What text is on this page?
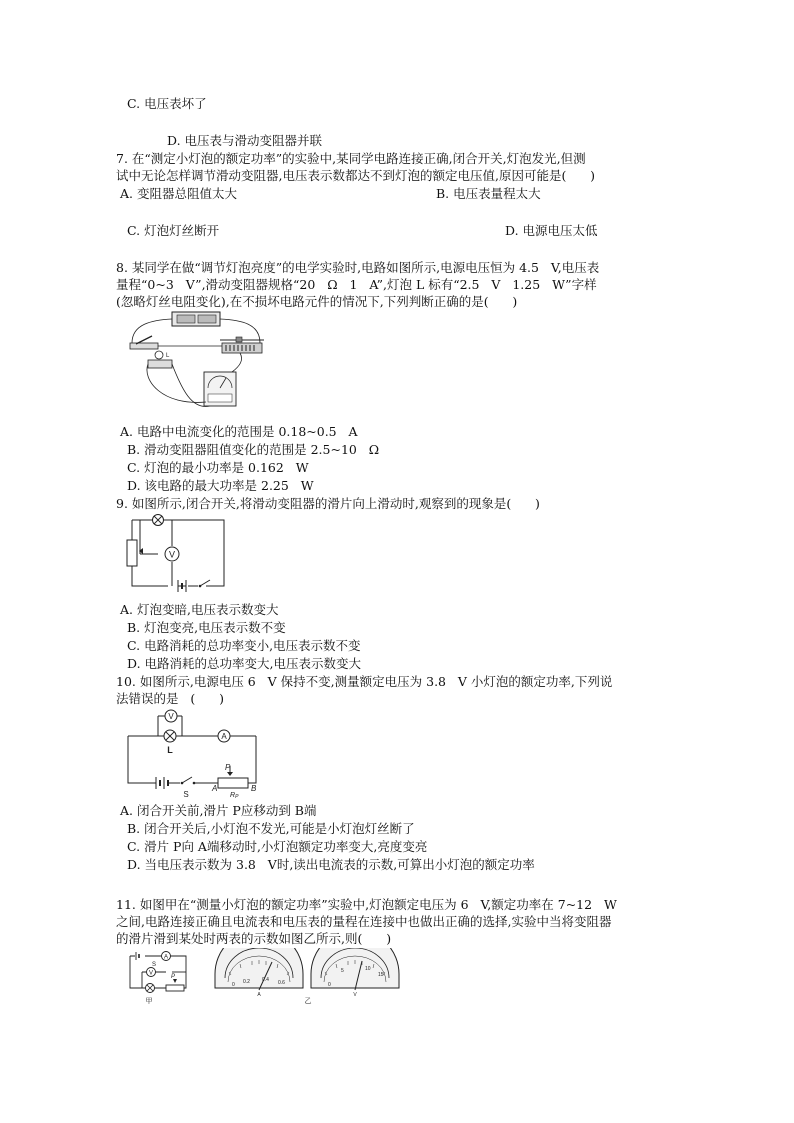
C. 电压表坏了
D. 电压表与滑动变阻器并联
7. 在“测定小灯泡的额定功率”的实验中,某同学电路连接正确,闭合开关,灯泡发光,但测
试中无论怎样调节滑动变阻器,电压表示数都达不到灯泡的额定电压值,原因可能是(      )
A. 变阻器总阻值太大	B. 电压表量程太大
C. 灯泡灯丝断开	D. 电源电压太低
8. 某同学在做“调节灯泡亮度”的电学实验时,电路如图所示,电源电压恒为 4.5   V,电压表
量程“0~3   V”,滑动变阻器规格“20   Ω   1   A”,灯泡 L 标有“2.5   V   1.25   W”字样
(忽略灯丝电阻变化),在不损坏电路元件的情况下,下列判断正确的是(      )
L
A. 电路中电流变化的范围是 0.18~0.5   A
B. 滑动变阻器阻值变化的范围是 2.5~10   Ω
C. 灯泡的最小功率是 0.162   W
D. 该电路的最大功率是 2.25   W
9. 如图所示,闭合开关,将滑动变阻器的滑片向上滑动时,观察到的现象是(      )
V
A. 灯泡变暗,电压表示数变大
B. 灯泡变亮,电压表示数不变
C. 电路消耗的总功率变小,电压表示数不变
D. 电路消耗的总功率变大,电压表示数变大
10. 如图所示,电源电压 6   V 保持不变,测量额定电压为 3.8   V 小灯泡的额定功率,下列说
法错误的是   (      )
V
L
A
S
P
A	B
RP
A. 闭合开关前,滑片 P应移动到 B端
B. 闭合开关后,小灯泡不发光,可能是小灯泡灯丝断了
C. 滑片 P向 A端移动时,小灯泡额定功率变大,亮度变亮
D. 当电压表示数为 3.8   V时,读出电流表的示数,可算出小灯泡的额定功率
11. 如图甲在“测量小灯泡的额定功率”实验中,灯泡额定电压为 6   V,额定功率在 7~12   W
之间,电路连接正确且电流表和电压表的量程在连接中也做出正确的选择,实验中当将变阻器
的滑片滑到某处时两表的示数如图乙所示,则(      )
S
A
V
P
甲
0 0.2 0.4 0.6
A
0
5	10
15
V
乙
